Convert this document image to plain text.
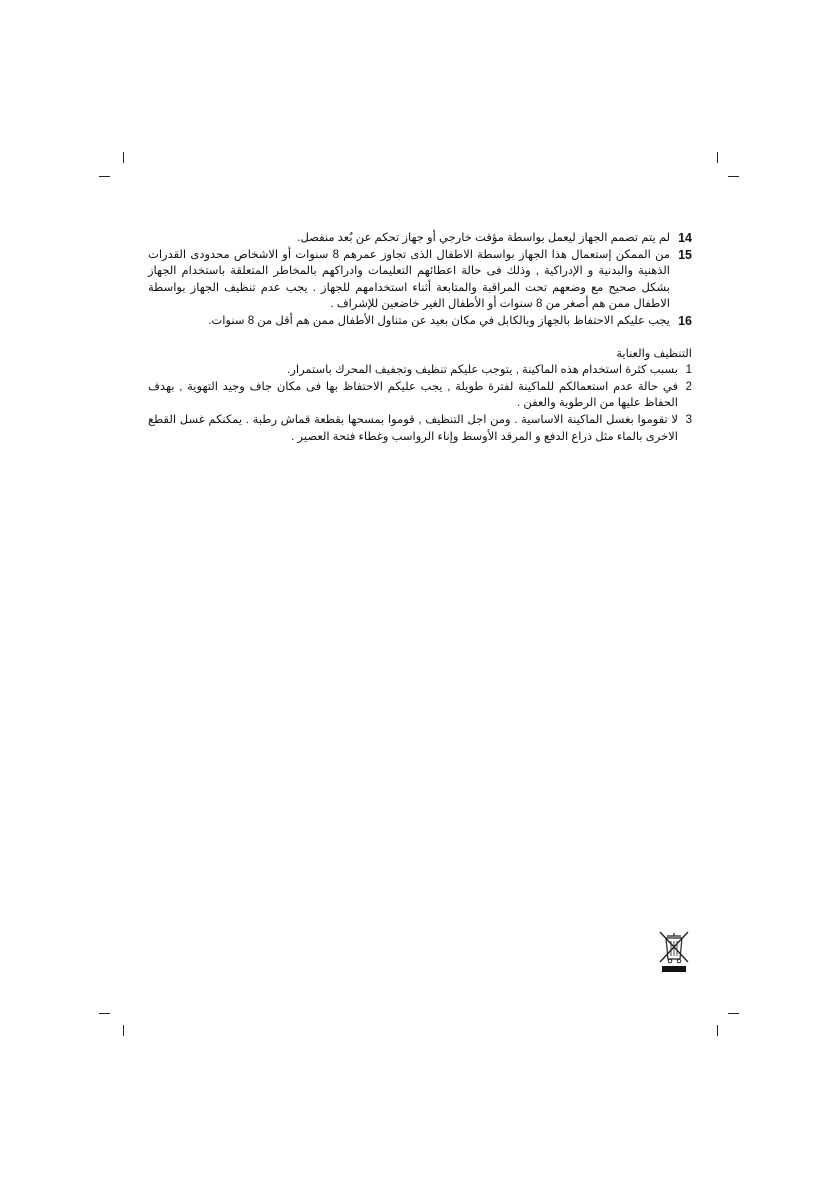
14
لم يتم تصمم الجهاز ليعمل بواسطة مؤقت خارجي أو جهاز تحكم عن بُعد منفصل.
15
من الممكن إستعمال هذا الجهاز بواسطة الاطفال الذى تجاوز عمرهم 8 سنوات أو الاشخاص محدودى القدرات الذهنية والبدنية و الإدراكية , وذلك فى حالة اعطائهم التعليمات وادراكهم بالمخاطر المتعلقة باستخدام الجهاز بشكل صحيح مع وضعهم تحت المراقبة والمتابعة أثناء استخدامهم للجهاز . يجب عدم تنظيف الجهاز بواسطة الاطفال ممن هم أصغر من 8 سنوات أو الأطفال الغير خاضعين للإشراف .
16
يجب عليكم الاحتفاظ بالجهاز وبالكابل في مكان بعيد عن متناول الأطفال ممن هم أقل من 8 سنوات.
التنظيف والعناية
1
بسبب كثرة استخدام هذه الماكينة , يتوجب عليكم تنظيف وتجفيف المحرك باستمرار.
2
في حالة عدم استعمالكم للماكينة لفترة طويلة , يجب عليكم الاحتفاظ بها فى مكان جاف وجيد التهوية , بهدف الحفاظ عليها من الرطوبة والعفن .
3
لا تقوموا بغسل الماكينة الاساسية . ومن اجل التنظيف , قوموا بمسحها بقطعة قماش رطبة . يمكنكم غسل القطع الاخرى بالماء مثل ذراع الدفع و المرقد الأوسط وإناء الرواسب وغطاء فتحة العصير .
